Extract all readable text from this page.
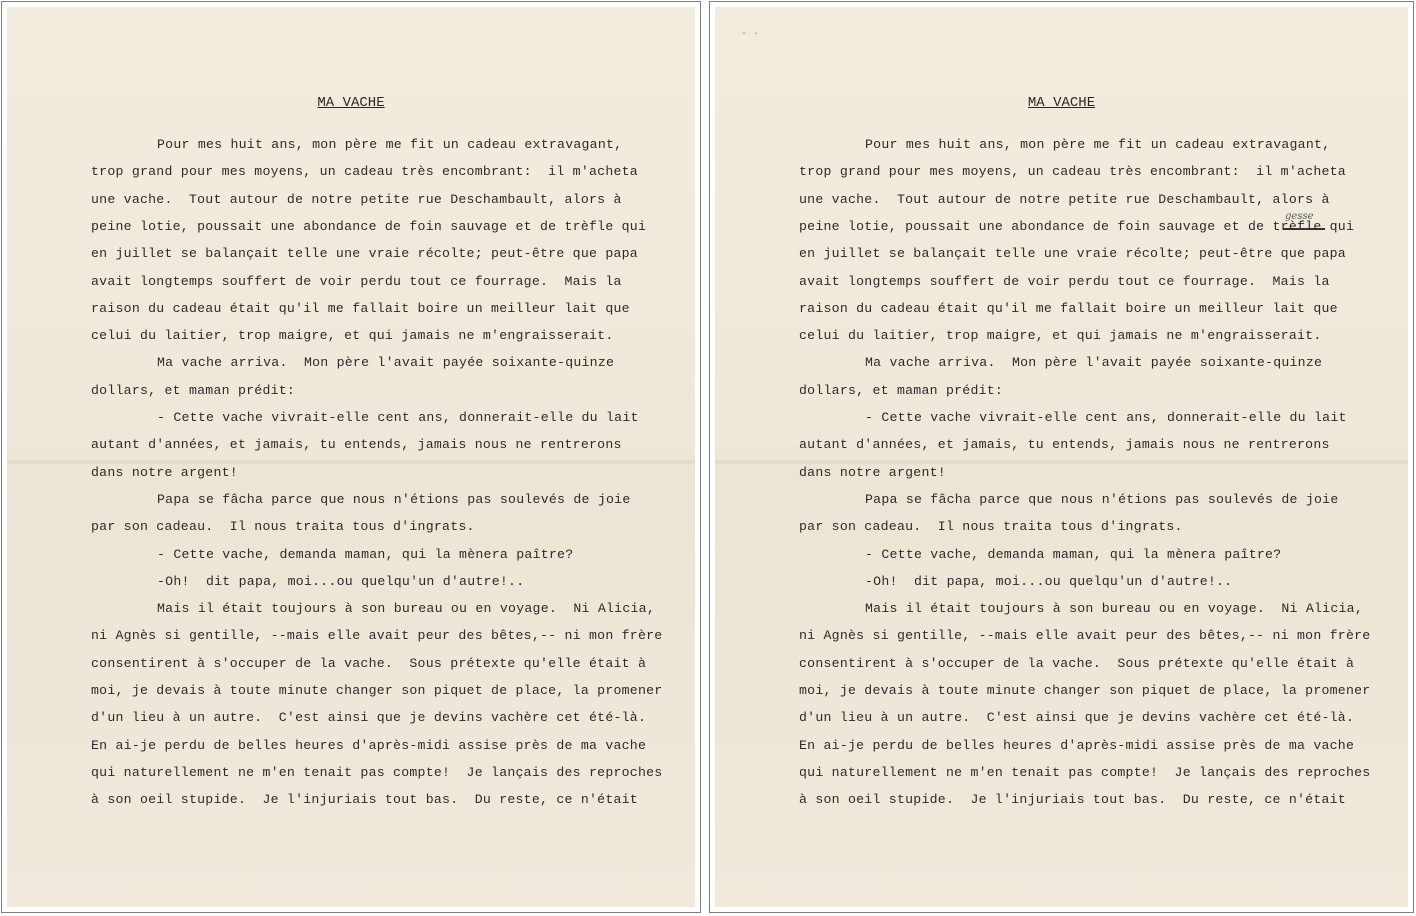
MA VACHE
Pour mes huit ans, mon père me fit un cadeau extravagant,
trop grand pour mes moyens, un cadeau très encombrant:  il m'acheta
une vache.  Tout autour de notre petite rue Deschambault, alors à
peine lotie, poussait une abondance de foin sauvage et de trèfle qui
en juillet se balançait telle une vraie récolte; peut-être que papa
avait longtemps souffert de voir perdu tout ce fourrage.  Mais la
raison du cadeau était qu'il me fallait boire un meilleur lait que
celui du laitier, trop maigre, et qui jamais ne m'engraisserait.
Ma vache arriva.  Mon père l'avait payée soixante-quinze
dollars, et maman prédit:
- Cette vache vivrait-elle cent ans, donnerait-elle du lait
autant d'années, et jamais, tu entends, jamais nous ne rentrerons
dans notre argent!
Papa se fâcha parce que nous n'étions pas soulevés de joie
par son cadeau.  Il nous traita tous d'ingrats.
- Cette vache, demanda maman, qui la mènera paître?
-Oh!  dit papa, moi...ou quelqu'un d'autre!..
Mais il était toujours à son bureau ou en voyage.  Ni Alicia,
ni Agnès si gentille, --mais elle avait peur des bêtes,-- ni mon frère
consentirent à s'occuper de la vache.  Sous prétexte qu'elle était à
moi, je devais à toute minute changer son piquet de place, la promener
d'un lieu à un autre.  C'est ainsi que je devins vachère cet été-là.
En ai-je perdu de belles heures d'après-midi assise près de ma vache
qui naturellement ne m'en tenait pas compte!  Je lançais des reproches
à son oeil stupide.  Je l'injuriais tout bas.  Du reste, ce n'était
- ·
MA VACHE
gesse
Pour mes huit ans, mon père me fit un cadeau extravagant,
trop grand pour mes moyens, un cadeau très encombrant:  il m'acheta
une vache.  Tout autour de notre petite rue Deschambault, alors à
peine lotie, poussait une abondance de foin sauvage et de trèfle qui
en juillet se balançait telle une vraie récolte; peut-être que papa
avait longtemps souffert de voir perdu tout ce fourrage.  Mais la
raison du cadeau était qu'il me fallait boire un meilleur lait que
celui du laitier, trop maigre, et qui jamais ne m'engraisserait.
Ma vache arriva.  Mon père l'avait payée soixante-quinze
dollars, et maman prédit:
- Cette vache vivrait-elle cent ans, donnerait-elle du lait
autant d'années, et jamais, tu entends, jamais nous ne rentrerons
dans notre argent!
Papa se fâcha parce que nous n'étions pas soulevés de joie
par son cadeau.  Il nous traita tous d'ingrats.
- Cette vache, demanda maman, qui la mènera paître?
-Oh!  dit papa, moi...ou quelqu'un d'autre!..
Mais il était toujours à son bureau ou en voyage.  Ni Alicia,
ni Agnès si gentille, --mais elle avait peur des bêtes,-- ni mon frère
consentirent à s'occuper de la vache.  Sous prétexte qu'elle était à
moi, je devais à toute minute changer son piquet de place, la promener
d'un lieu à un autre.  C'est ainsi que je devins vachère cet été-là.
En ai-je perdu de belles heures d'après-midi assise près de ma vache
qui naturellement ne m'en tenait pas compte!  Je lançais des reproches
à son oeil stupide.  Je l'injuriais tout bas.  Du reste, ce n'était
